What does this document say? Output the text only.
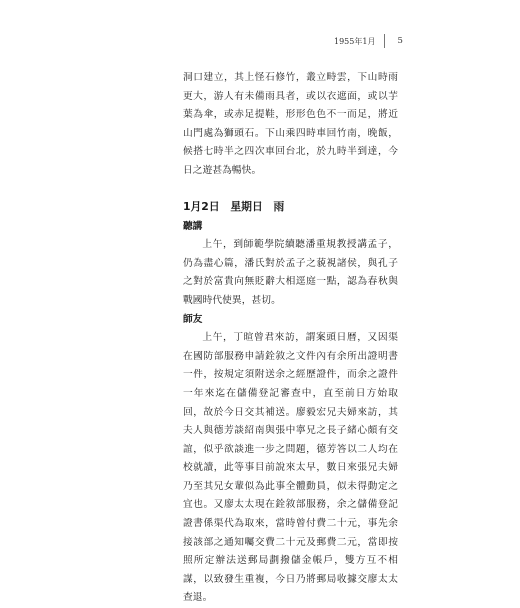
1955年1月	5

洞口建立，其上怪石修竹，叢立畤雲，下山時雨更大，游人有未備雨具者，或以衣遮面，或以芋葉為傘，或赤足提鞋，形形色色不一而足，將近山門處為獅頭石。下山乘四時車回竹南，晚飯，候搭七時半之四次車回台北，於九時半到達，今日之遊甚為暢快。

1月2日 星期日 雨
聽講

上午，到師範學院續聽潘重規教授講孟子，仍為盡心篇，潘氏對於孟子之藐視諸侯，與孔子之對於富貴向無貶辭大相逕庭一點，認為春秋與戰國時代使異，甚切。

師友

上午，丁暄曾君來訪，謂案頭日暦，又因渠在國防部服務申請銓敘之文件內有余所出證明書一件，按規定須附送余之經歷證件，而余之證件一年來迄在儲備登記審查中，直至前日方始取回，故於今日交其補送。廖毅宏兄夫婦來訪，其夫人與德芳談紹南與張中寧兄之長子緒心頗有交誼，似乎欲談進一步之問題，德芳答以二人均在校就讀，此等事目前說來太早，數日來張兄夫婦乃至其兄女輩似為此事全體動員，似未得動定之宜也。又廖太太現在銓敘部服務，余之儲備登記證書係渠代為取來，當時曾付費二十元，事先余接該部之通知囑交費二十元及郵費二元，當即按照所定辦法送郵局劃撥儲金帳戶，雙方互不相謀，以致發生重複，今日乃將郵局收據交廖太太查退。
